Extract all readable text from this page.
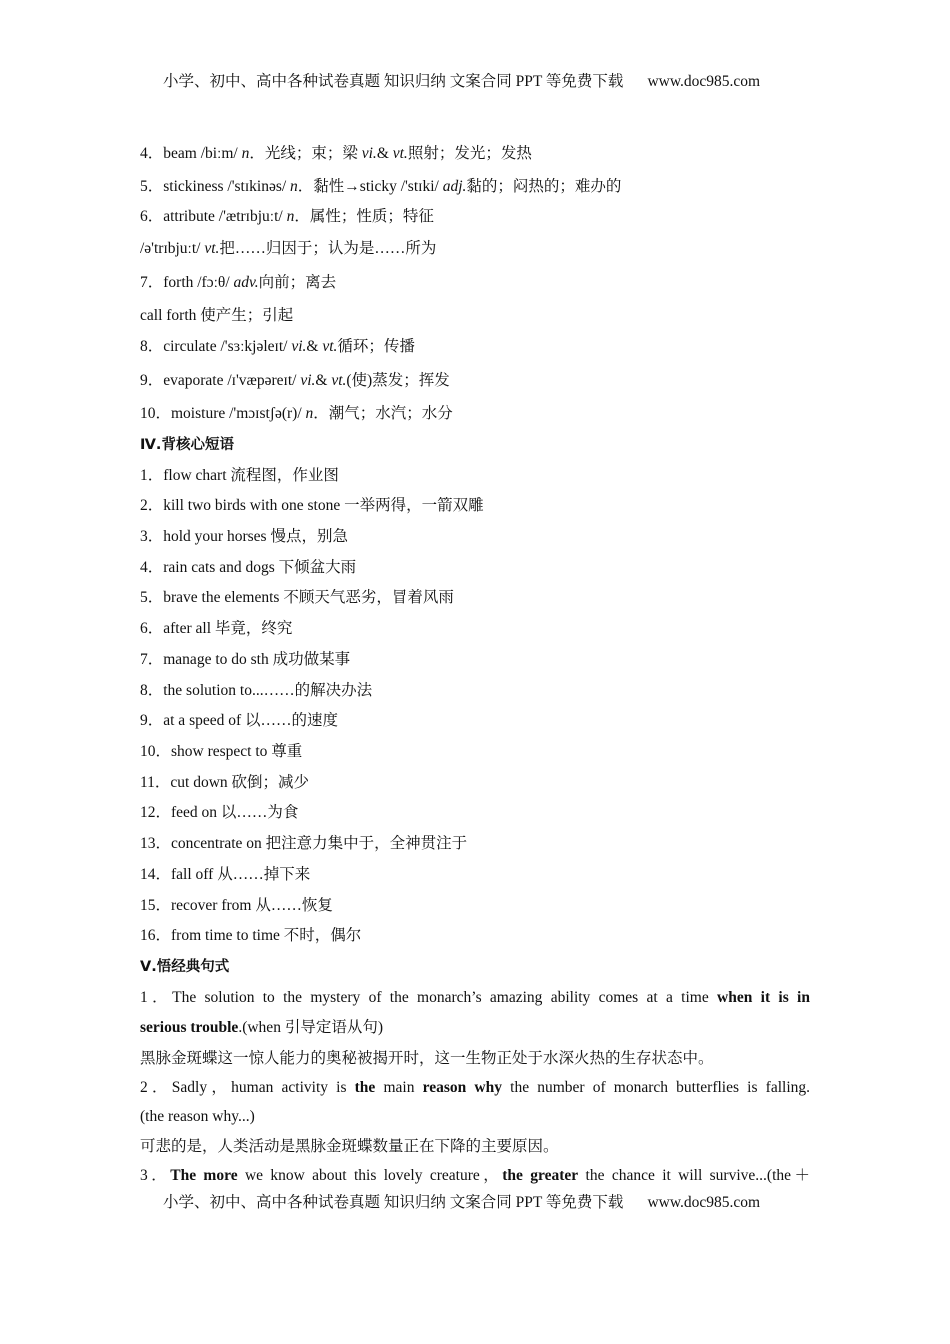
小学、初中、高中各种试卷真题 知识归纳 文案合同 PPT 等免费下载 www.doc985.com
4．beam /biːm/ n．光线；束；梁 vi.& vt.照射；发光；发热
5．stickiness /'stɪkinəs/ n．黏性→sticky /'stɪki/ adj.黏的；闷热的；难办的
6．attribute /'ætrɪbjuːt/ n．属性；性质；特征
/ə'trɪbjuːt/ vt.把……归因于；认为是……所为
7．forth /fɔːθ/ adv.向前；离去
call forth 使产生；引起
8．circulate /'sɜːkjəleɪt/ vi.& vt.循环；传播
9．evaporate /ɪ'væpəreɪt/ vi.& vt.(使)蒸发；挥发
10．moisture /'mɔɪstʃə(r)/ n．潮气；水汽；水分
Ⅳ.背核心短语
1．flow chart 流程图，作业图
2．kill two birds with one stone 一举两得，一箭双雕
3．hold your horses 慢点，别急
4．rain cats and dogs 下倾盆大雨
5．brave the elements 不顾天气恶劣，冒着风雨
6．after all 毕竟，终究
7．manage to do sth 成功做某事
8．the solution to...……的解决办法
9．at a speed of 以……的速度
10．show respect to 尊重
11．cut down 砍倒；减少
12．feed on 以……为食
13．concentrate on 把注意力集中于，全神贯注于
14．fall off 从……掉下来
15．recover from 从……恢复
16．from time to time 不时，偶尔
Ⅴ.悟经典句式
1．The solution to the mystery of the monarch’s amazing ability comes at a time when it is in
serious trouble.(when 引导定语从句)
黑脉金斑蝶这一惊人能力的奥秘被揭开时，这一生物正处于水深火热的生存状态中。
2．Sadly，human activity is the main reason why the number of monarch butterflies is falling.
(the reason why...)
可悲的是，人类活动是黑脉金斑蝶数量正在下降的主要原因。
3．The more we know about this lovely creature，the greater the chance it will survive...(the＋
小学、初中、高中各种试卷真题 知识归纳 文案合同 PPT 等免费下载 www.doc985.com
